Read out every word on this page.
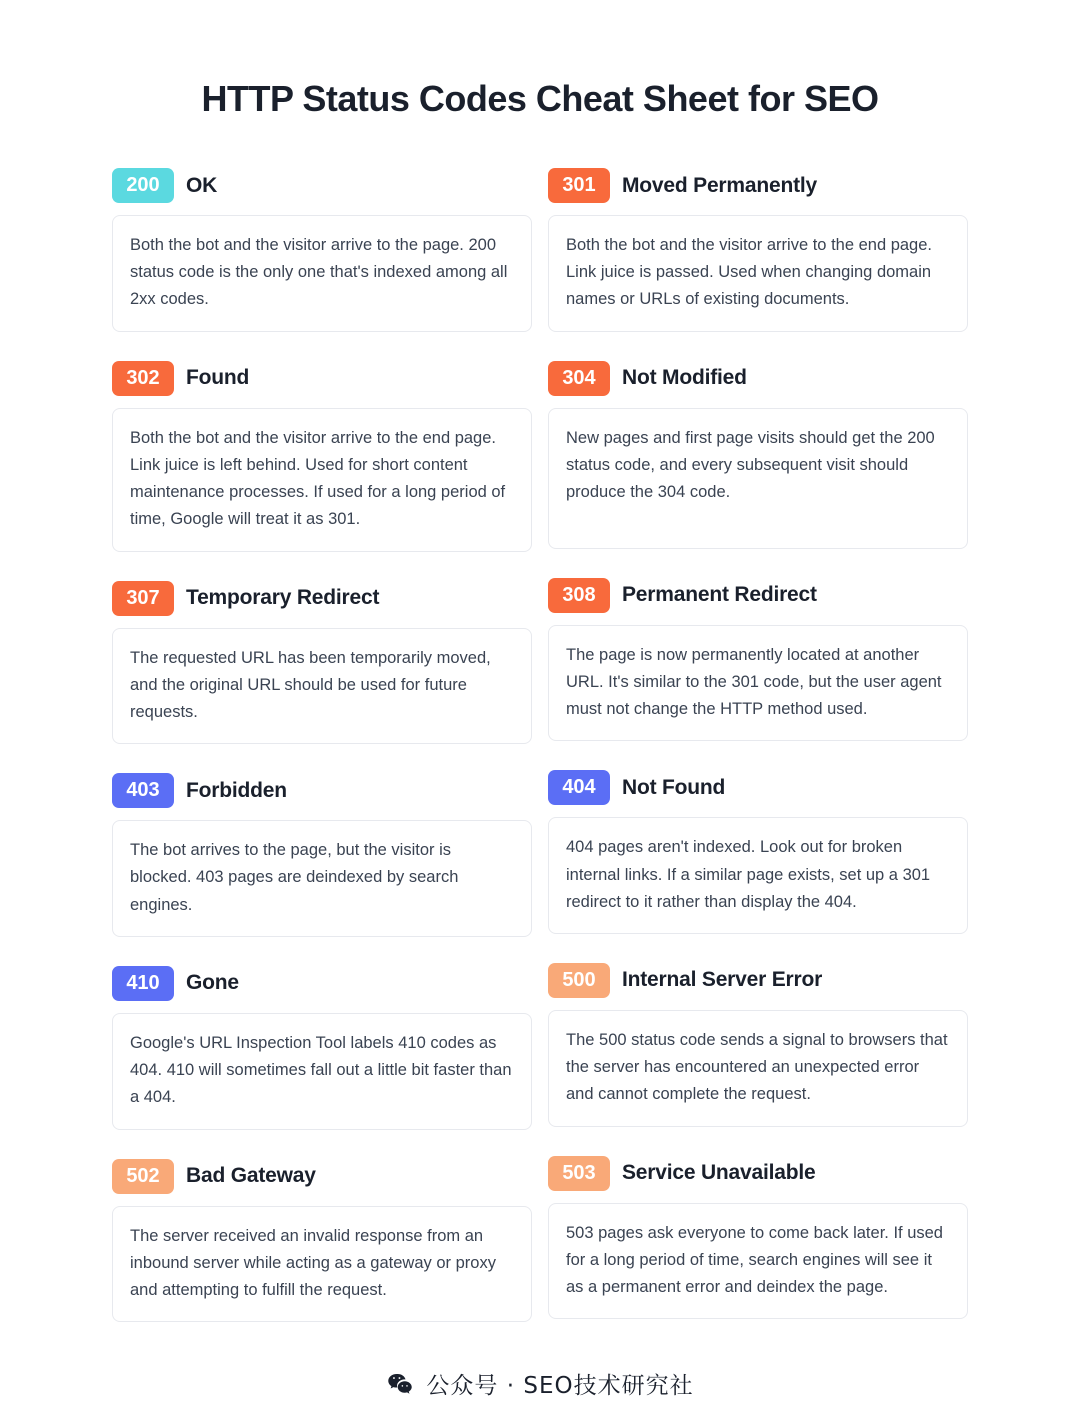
HTTP Status Codes Cheat Sheet for SEO
200	OK
Both the bot and the visitor arrive to the page. 200 status code is the only one that's indexed among all 2xx codes.
302	Found
Both the bot and the visitor arrive to the end page. Link juice is left behind. Used for short content maintenance processes. If used for a long period of time, Google will treat it as 301.
307	Temporary Redirect
The requested URL has been temporarily moved, and the original URL should be used for future requests.
403	Forbidden
The bot arrives to the page, but the visitor is blocked. 403 pages are deindexed by search engines.
410	Gone
Google's URL Inspection Tool labels 410 codes as 404. 410 will sometimes fall out a little bit faster than a 404.
502	Bad Gateway
The server received an invalid response from an inbound server while acting as a gateway or proxy and attempting to fulfill the request.
301	Moved Permanently
Both the bot and the visitor arrive to the end page. Link juice is passed. Used when changing domain names or URLs of existing documents.
304	Not Modified
New pages and first page visits should get the 200 status code, and every subsequent visit should produce the 304 code.
308	Permanent Redirect
The page is now permanently located at another URL. It's similar to the 301 code, but the user agent must not change the HTTP method used.
404	Not Found
404 pages aren't indexed. Look out for broken internal links. If a similar page exists, set up a 301 redirect to it rather than display the 404.
500	Internal Server Error
The 500 status code sends a signal to browsers that the server has encountered an unexpected error and cannot complete the request.
503	Service Unavailable
503 pages ask everyone to come back later. If used for a long period of time, search engines will see it as a permanent error and deindex the page.
公众号 · SEO技术研究社
